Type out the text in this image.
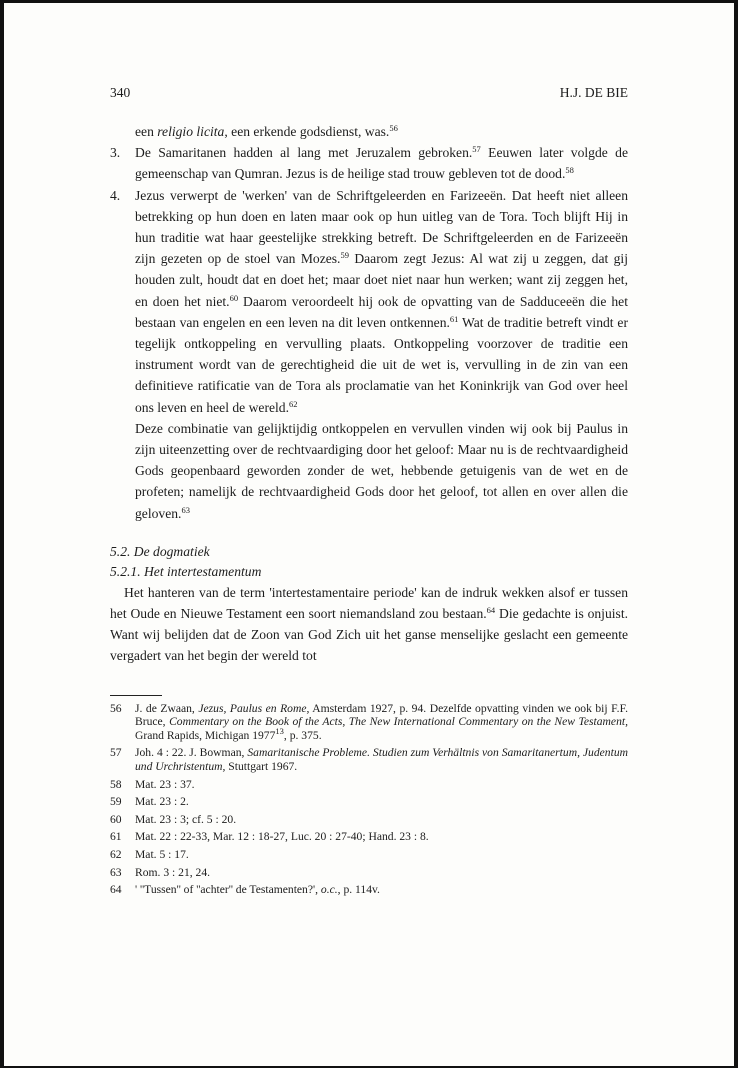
340	H.J. DE BIE

een religio licita, een erkende godsdienst, was.$^{56}$

3. De Samaritanen hadden al lang met Jeruzalem gebroken.$^{57}$ Eeuwen later volgde de gemeenschap van Qumran. Jezus is de heilige stad trouw gebleven tot de dood.$^{58}$
4. Jezus verwerpt de 'werken' van de Schriftgeleerden en Farizeeën. Dat heeft niet alleen betrekking op hun doen en laten maar ook op hun uitleg van de Tora. Toch blijft Hij in hun traditie wat haar geestelijke strekking betreft. De Schriftgeleerden en de Farizeeën zijn gezeten op de stoel van Mozes.$^{59}$ Daarom zegt Jezus: Al wat zij u zeggen, dat gij houden zult, houdt dat en doet het; maar doet niet naar hun werken; want zij zeggen het, en doen het niet.$^{60}$ Daarom veroordeelt hij ook de opvatting van de Sadduceeën die het bestaan van engelen en een leven na dit leven ontkennen.$^{61}$ Wat de traditie betreft vindt er tegelijk ontkoppeling en vervulling plaats. Ontkoppeling voorzover de traditie een instrument wordt van de gerechtigheid die uit de wet is, vervulling in de zin van een definitieve ratificatie van de Tora als proclamatie van het Koninkrijk van God over heel ons leven en heel de wereld.$^{62}$

Deze combinatie van gelijktijdig ontkoppelen en vervullen vinden wij ook bij Paulus in zijn uiteenzetting over de rechtvaardiging door het geloof: Maar nu is de rechtvaardigheid Gods geopenbaard geworden zonder de wet, hebbende getuigenis van de wet en de profeten; namelijk de rechtvaardigheid Gods door het geloof, tot allen en over allen die geloven.$^{63}$

5.2. De dogmatiek
5.2.1. Het intertestamentum

Het hanteren van de term 'intertestamentaire periode' kan de indruk wekken alsof er tussen het Oude en Nieuwe Testament een soort niemandsland zou bestaan.$^{64}$ Die gedachte is onjuist. Want wij belijden dat de Zoon van God Zich uit het ganse menselijke geslacht een gemeente vergadert van het begin der wereld tot

56 J. de Zwaan, Jezus, Paulus en Rome, Amsterdam 1927, p. 94. Dezelfde opvatting vinden we ook bij F.F. Bruce, Commentary on the Book of the Acts, The New International Commentary on the New Testament, Grand Rapids, Michigan 1977$^{13}$, p. 375.
57 Joh. 4 : 22. J. Bowman, Samaritanische Probleme. Studien zum Verhältnis von Samaritanertum, Judentum und Urchristentum, Stuttgart 1967.
58 Mat. 23 : 37.
59 Mat. 23 : 2.
60 Mat. 23 : 3; cf. 5 : 20.
61 Mat. 22 : 22-33, Mar. 12 : 18-27, Luc. 20 : 27-40; Hand. 23 : 8.
62 Mat. 5 : 17.
63 Rom. 3 : 21, 24.
64 ' ''Tussen'' of ''achter'' de Testamenten?', o.c., p. 114v.
